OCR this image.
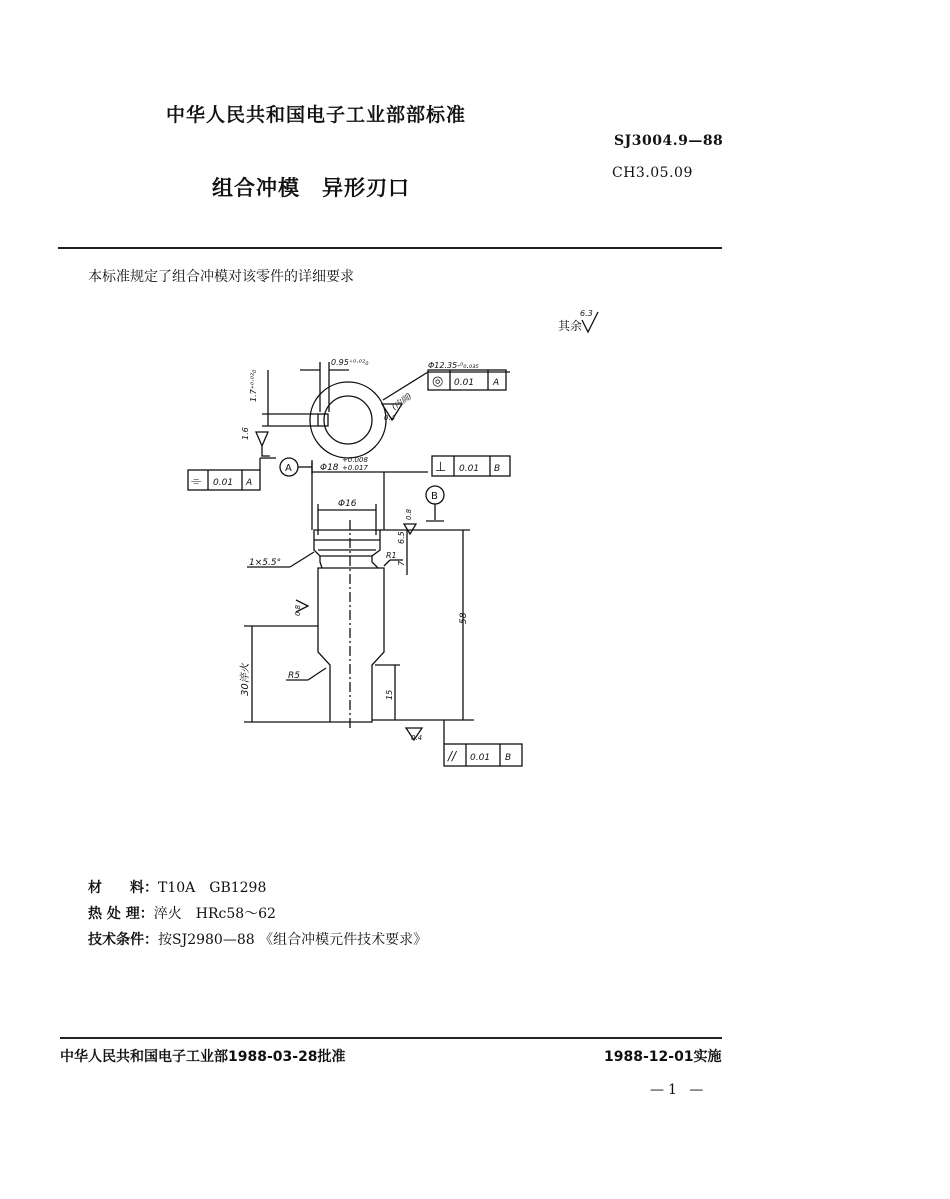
中华人民共和国电子工业部部标准
SJ3004.9—88
组合冲模　异形刃口
CH3.05.09
本标准规定了组合冲模对该零件的详细要求
其余
6.3
0.95⁺⁰·⁰²₀
1.7⁺⁰·⁰²₀
1.6
Φ12.35-⁰₀.₀₃₅
◎ 0.01 A
0.4
(内圆)
⌯ 0.01 A
A	Φ18
+0.008
+0.017	⊥ 0.01 B
Φ16
B
0.8
1×5.5°
R1
6.5
7
0.8
58
R5
30淬火	15
0.4
// 0.01 B
材　　料：T10A　GB1298
热 处 理：淬火　HRc58～62
技术条件：按SJ2980—88 《组合冲模元件技术要求》
中华人民共和国电子工业部1988-03-28批准	1988-12-01实施
—1 —
